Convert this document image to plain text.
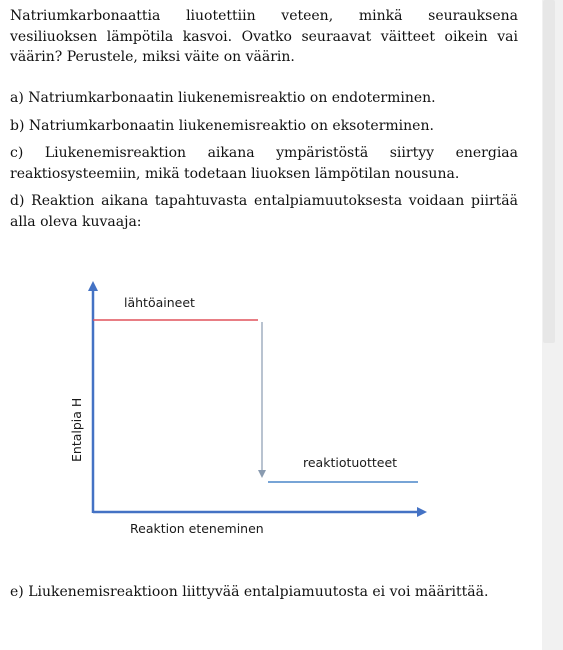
Natriumkarbonaattia liuotettiin veteen, minkä seurauksena vesiliuoksen lämpötila kasvoi. Ovatko seuraavat väitteet oikein vai väärin? Perustele, miksi väite on väärin.

a) Natriumkarbonaatin liukenemisreaktio on endoterminen.

b) Natriumkarbonaatin liukenemisreaktio on eksoterminen.

c) Liukenemisreaktion aikana ympäristöstä siirtyy energiaa reaktiosysteemiin, mikä todetaan liuoksen lämpötilan nousuna.

d) Reaktion aikana tapahtuvasta entalpiamuutoksesta voidaan piirtää alla oleva kuvaaja:

lähtöaineet
reaktiotuotteet
Reaktion eteneminen
Entalpia H

e) Liukenemisreaktioon liittyvää entalpiamuutosta ei voi määrittää.
